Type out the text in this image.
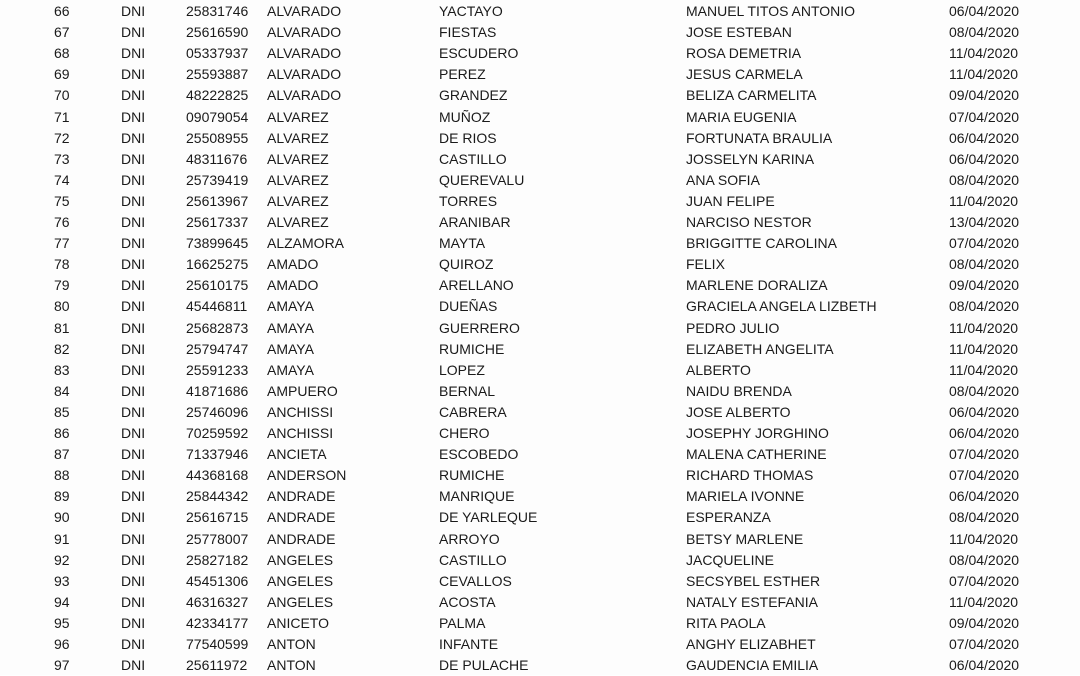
66	DNI	25831746 ALVARADO	YACTAYO	MANUEL TITOS ANTONIO	06/04/2020
67	DNI	25616590 ALVARADO	FIESTAS	JOSE ESTEBAN	08/04/2020
68	DNI	05337937 ALVARADO	ESCUDERO	ROSA DEMETRIA	11/04/2020
69	DNI	25593887 ALVARADO	PEREZ	JESUS CARMELA	11/04/2020
70	DNI	48222825 ALVARADO	GRANDEZ	BELIZA CARMELITA	09/04/2020
71	DNI	09079054 ALVAREZ	MUÑOZ	MARIA EUGENIA	07/04/2020
72	DNI	25508955 ALVAREZ	DE RIOS	FORTUNATA BRAULIA	06/04/2020
73	DNI	48311676 ALVAREZ	CASTILLO	JOSSELYN KARINA	06/04/2020
74	DNI	25739419 ALVAREZ	QUEREVALU	ANA SOFIA	08/04/2020
75	DNI	25613967 ALVAREZ	TORRES	JUAN FELIPE	11/04/2020
76	DNI	25617337 ALVAREZ	ARANIBAR	NARCISO NESTOR	13/04/2020
77	DNI	73899645 ALZAMORA	MAYTA	BRIGGITTE CAROLINA	07/04/2020
78	DNI	16625275 AMADO	QUIROZ	FELIX	08/04/2020
79	DNI	25610175 AMADO	ARELLANO	MARLENE DORALIZA	09/04/2020
80	DNI	45446811 AMAYA	DUEÑAS	GRACIELA ANGELA LIZBETH	08/04/2020
81	DNI	25682873 AMAYA	GUERRERO	PEDRO JULIO	11/04/2020
82	DNI	25794747 AMAYA	RUMICHE	ELIZABETH ANGELITA	11/04/2020
83	DNI	25591233 AMAYA	LOPEZ	ALBERTO	11/04/2020
84	DNI	41871686 AMPUERO	BERNAL	NAIDU BRENDA	08/04/2020
85	DNI	25746096 ANCHISSI	CABRERA	JOSE ALBERTO	06/04/2020
86	DNI	70259592 ANCHISSI	CHERO	JOSEPHY JORGHINO	06/04/2020
87	DNI	71337946 ANCIETA	ESCOBEDO	MALENA CATHERINE	07/04/2020
88	DNI	44368168 ANDERSON	RUMICHE	RICHARD THOMAS	07/04/2020
89	DNI	25844342 ANDRADE	MANRIQUE	MARIELA IVONNE	06/04/2020
90	DNI	25616715 ANDRADE	DE YARLEQUE	ESPERANZA	08/04/2020
91	DNI	25778007 ANDRADE	ARROYO	BETSY MARLENE	11/04/2020
92	DNI	25827182 ANGELES	CASTILLO	JACQUELINE	08/04/2020
93	DNI	45451306 ANGELES	CEVALLOS	SECSYBEL ESTHER	07/04/2020
94	DNI	46316327 ANGELES	ACOSTA	NATALY ESTEFANIA	11/04/2020
95	DNI	42334177 ANICETO	PALMA	RITA PAOLA	09/04/2020
96	DNI	77540599 ANTON	INFANTE	ANGHY ELIZABHET	07/04/2020
97	DNI	25611972 ANTON	DE PULACHE	GAUDENCIA EMILIA	06/04/2020
